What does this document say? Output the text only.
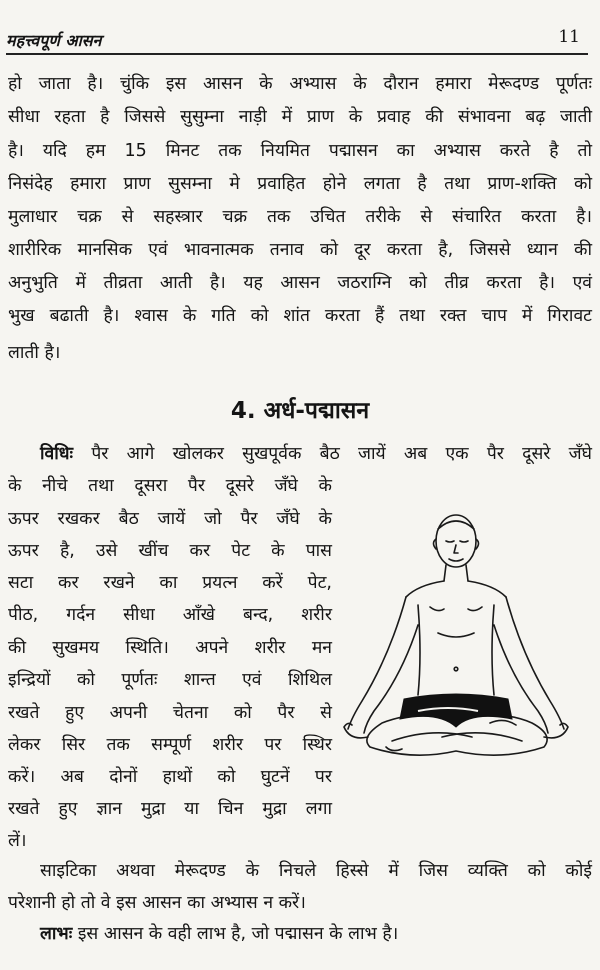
महत्त्वपूर्ण आसन	11
हो जाता है। चुंकि इस आसन के अभ्यास के दौरान हमारा मेरूदण्ड पूर्णतः
सीधा रहता है जिससे सुसुम्ना नाड़ी में प्राण के प्रवाह की संभावना बढ़ जाती
है। यदि हम 15 मिनट तक नियमित पद्मासन का अभ्यास करते है तो
निसंदेह हमारा प्राण सुसम्ना मे प्रवाहित होने लगता है तथा प्राण-शक्ति को
मुलाधार चक्र से सहस्त्रार चक्र तक उचित तरीके से संचारित करता है।
शारीरिक मानसिक एवं भावनात्मक तनाव को दूर करता है, जिससे ध्यान की
अनुभुति में तीव्रता आती है। यह आसन जठराग्नि को तीव्र करता है। एवं
भुख बढाती है। श्वास के गति को शांत करता हैं तथा रक्त चाप में गिरावट
लाती है।
4. अर्ध-पद्मासन
विधिः पैर आगे खोलकर सुखपूर्वक बैठ जायें अब एक पैर दूसरे जँघे
के नीचे तथा दूसरा पैर दूसरे जँघे के
ऊपर रखकर बैठ जायें जो पैर जँघे के
ऊपर है, उसे खींच कर पेट के पास
सटा कर रखने का प्रयत्न करें पेट,
पीठ, गर्दन सीधा आँखे बन्द, शरीर
की सुखमय स्थिति। अपने शरीर मन
इन्द्रियों को पूर्णतः शान्त एवं शिथिल
रखते हुए अपनी चेतना को पैर से
लेकर सिर तक सम्पूर्ण शरीर पर स्थिर
करें। अब दोनों हाथों को घुटनें पर
रखते हुए ज्ञान मुद्रा या चिन मुद्रा लगा
लें।
साइटिका अथवा मेरूदण्ड के निचले हिस्से में जिस व्यक्ति को कोई
परेशानी हो तो वे इस आसन का अभ्यास न करें।
लाभः इस आसन के वही लाभ है, जो पद्मासन के लाभ है।
